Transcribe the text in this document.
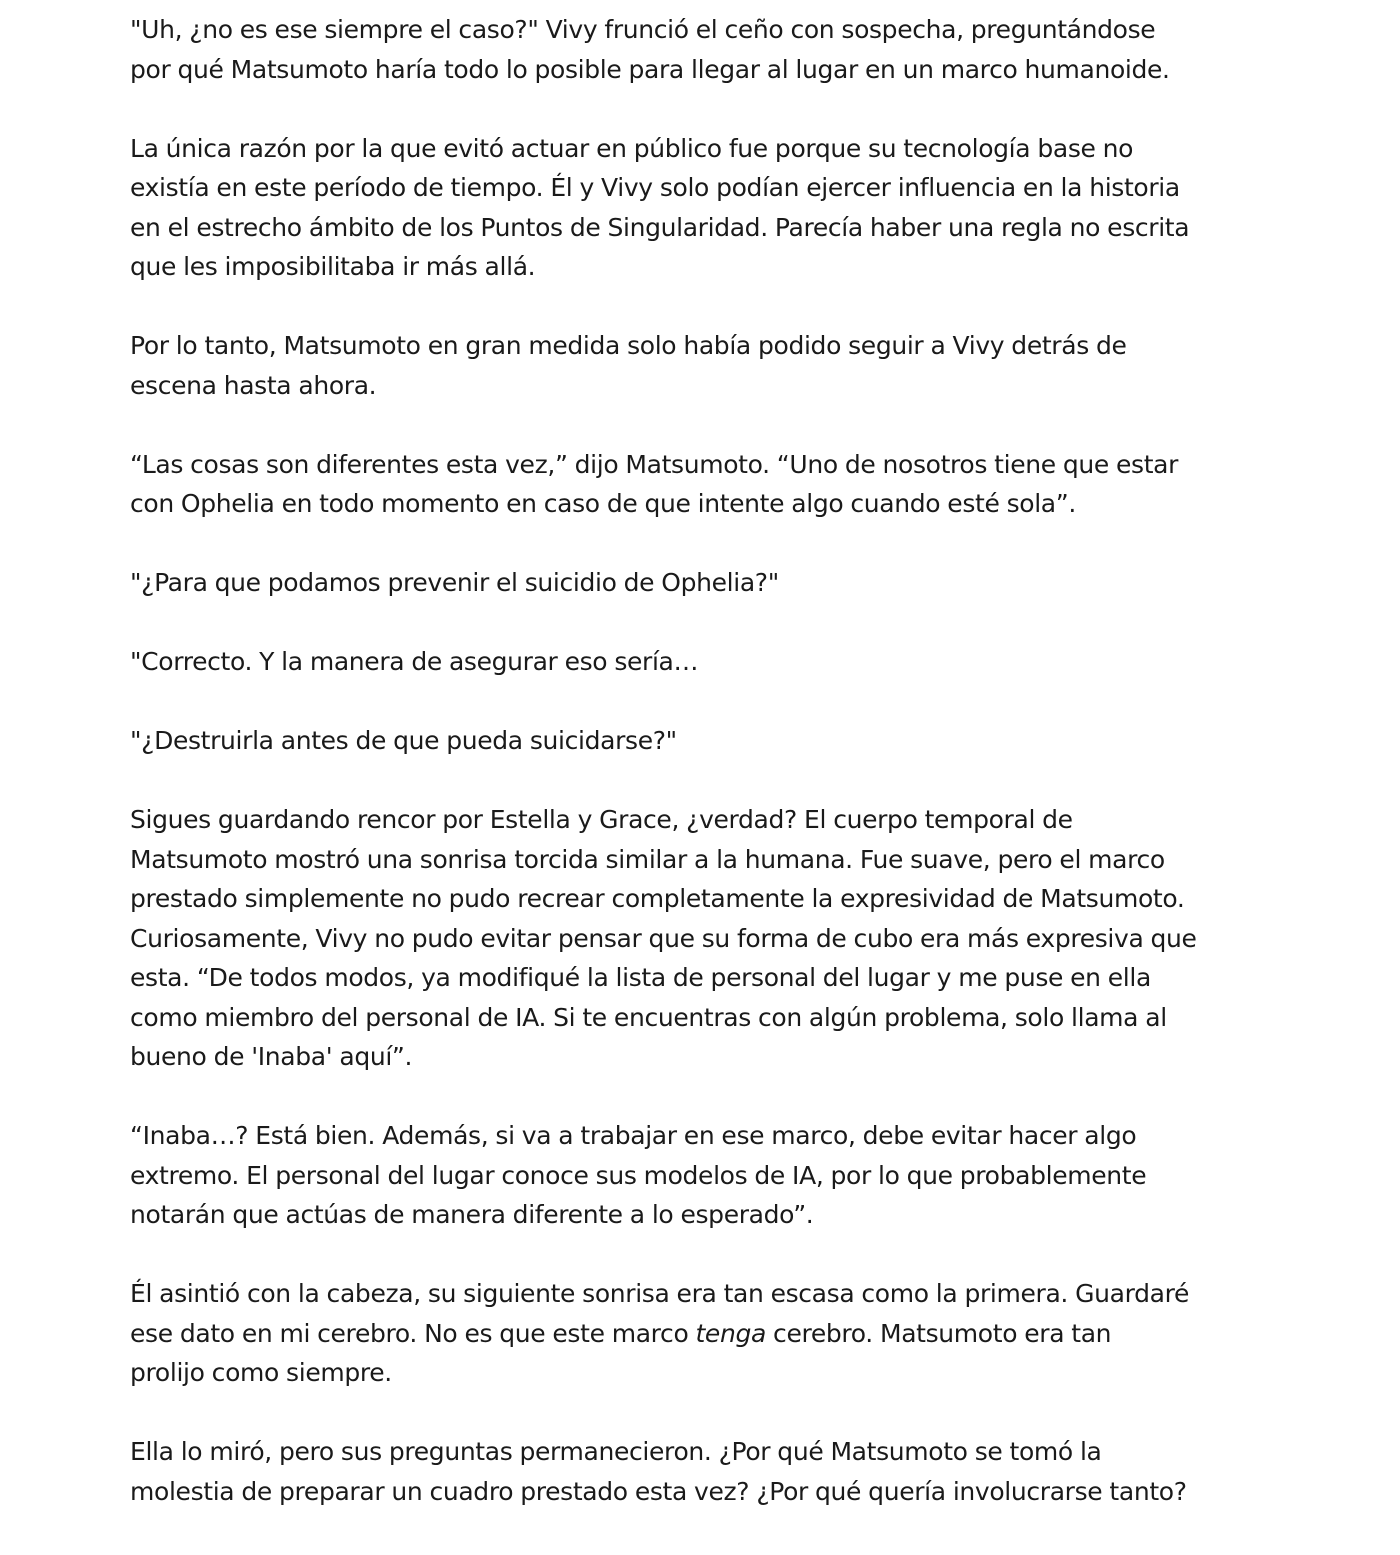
"Uh, ¿no es ese siempre el caso?" Vivy frunció el ceño con sospecha, preguntándose
por qué Matsumoto haría todo lo posible para llegar al lugar en un marco humanoide.

La única razón por la que evitó actuar en público fue porque su tecnología base no
existía en este período de tiempo. Él y Vivy solo podían ejercer influencia en la historia
en el estrecho ámbito de los Puntos de Singularidad. Parecía haber una regla no escrita
que les imposibilitaba ir más allá.

Por lo tanto, Matsumoto en gran medida solo había podido seguir a Vivy detrás de
escena hasta ahora.

“Las cosas son diferentes esta vez,” dijo Matsumoto. “Uno de nosotros tiene que estar
con Ophelia en todo momento en caso de que intente algo cuando esté sola”.

"¿Para que podamos prevenir el suicidio de Ophelia?"

"Correcto. Y la manera de asegurar eso sería…

"¿Destruirla antes de que pueda suicidarse?"

Sigues guardando rencor por Estella y Grace, ¿verdad? El cuerpo temporal de
Matsumoto mostró una sonrisa torcida similar a la humana. Fue suave, pero el marco
prestado simplemente no pudo recrear completamente la expresividad de Matsumoto.
Curiosamente, Vivy no pudo evitar pensar que su forma de cubo era más expresiva que
esta. “De todos modos, ya modifiqué la lista de personal del lugar y me puse en ella
como miembro del personal de IA. Si te encuentras con algún problema, solo llama al
bueno de 'Inaba' aquí”.

“Inaba…? Está bien. Además, si va a trabajar en ese marco, debe evitar hacer algo
extremo. El personal del lugar conoce sus modelos de IA, por lo que probablemente
notarán que actúas de manera diferente a lo esperado”.

Él asintió con la cabeza, su siguiente sonrisa era tan escasa como la primera. Guardaré
ese dato en mi cerebro. No es que este marco tenga cerebro. Matsumoto era tan
prolijo como siempre.

Ella lo miró, pero sus preguntas permanecieron. ¿Por qué Matsumoto se tomó la
molestia de preparar un cuadro prestado esta vez? ¿Por qué quería involucrarse tanto?
